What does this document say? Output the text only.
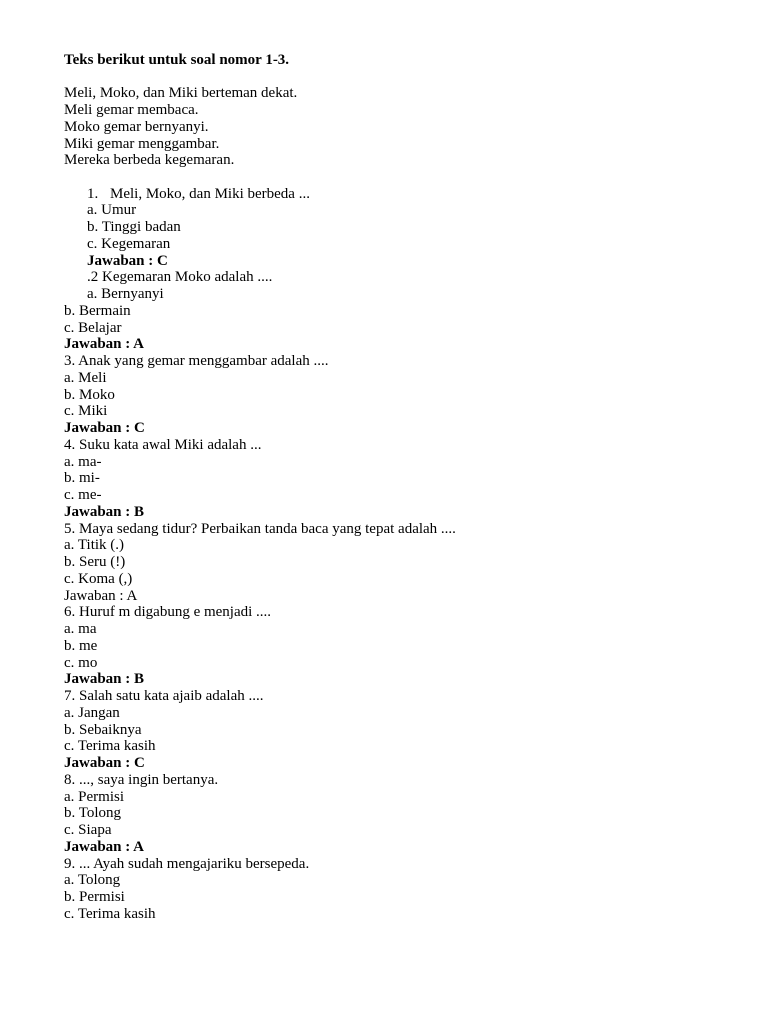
Teks berikut untuk soal nomor 1-3.
Meli, Moko, dan Miki berteman dekat.
Meli gemar membaca.
Moko gemar bernyanyi.
Miki gemar menggambar.
Mereka berbeda kegemaran.
1. Meli, Moko, dan Miki berbeda ...
a. Umur
b. Tinggi badan
c. Kegemaran
Jawaban : C
.2 Kegemaran Moko adalah ....
a. Bernyanyi
b. Bermain
c. Belajar
Jawaban : A
3. Anak yang gemar menggambar adalah ....
a. Meli
b. Moko
c. Miki
Jawaban : C
4. Suku kata awal Miki adalah ...
a. ma-
b. mi-
c. me-
Jawaban : B
5. Maya sedang tidur? Perbaikan tanda baca yang tepat adalah ....
a. Titik (.)
b. Seru (!)
c. Koma (,)
Jawaban : A
6. Huruf m digabung e menjadi ....
a. ma
b. me
c. mo
Jawaban : B
7. Salah satu kata ajaib adalah ....
a. Jangan
b. Sebaiknya
c. Terima kasih
Jawaban : C
8. ..., saya ingin bertanya.
a. Permisi
b. Tolong
c. Siapa
Jawaban : A
9. ... Ayah sudah mengajariku bersepeda.
a. Tolong
b. Permisi
c. Terima kasih
